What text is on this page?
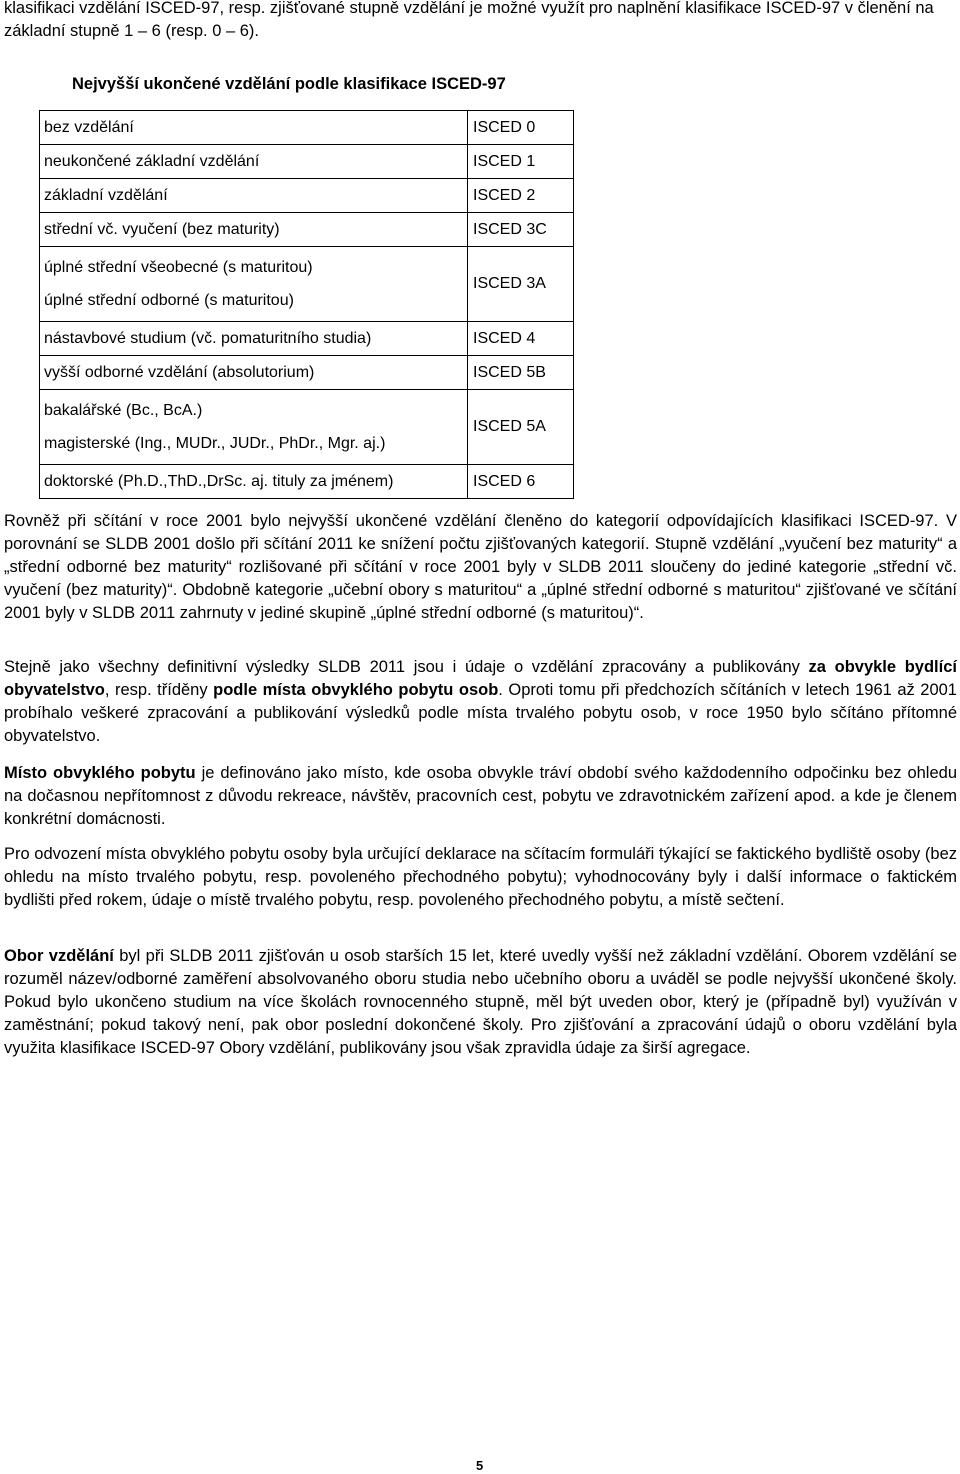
klasifikaci vzdělání ISCED-97, resp. zjišťované stupně vzdělání je možné využít pro naplnění klasifikace ISCED-97 v členění na základní stupně 1 – 6 (resp. 0 – 6).

Nejvyšší ukončené vzdělání podle klasifikace ISCED-97

bez vzdělání	ISCED 0
neukončené základní vzdělání	ISCED 1
základní vzdělání	ISCED 2
střední vč. vyučení (bez maturity)	ISCED 3C

úplné střední všeobecné (s maturitou)
úplné střední odborné (s maturitou)	ISCED 3A
nástavbové studium (vč. pomaturitního studia)	ISCED 4
vyšší odborné vzdělání (absolutorium)	ISCED 5B

bakalářské (Bc., BcA.)
magisterské (Ing., MUDr., JUDr., PhDr., Mgr. aj.)	ISCED 5A
doktorské (Ph.D.,ThD.,DrSc. aj. tituly za jménem)	ISCED 6

Rovněž při sčítání v roce 2001 bylo nejvyšší ukončené vzdělání členěno do kategorií odpovídajících klasifikaci ISCED-97. V porovnání se SLDB 2001 došlo při sčítání 2011 ke snížení počtu zjišťovaných kategorií. Stupně vzdělání „vyučení bez maturity“ a „střední odborné bez maturity“ rozlišované při sčítání v roce 2001 byly v SLDB 2011 sloučeny do jediné kategorie „střední vč. vyučení (bez maturity)“. Obdobně kategorie „učební obory s maturitou“ a „úplné střední odborné s maturitou“ zjišťované ve sčítání 2001 byly v SLDB 2011 zahrnuty v jediné skupině „úplné střední odborné (s maturitou)“.

Stejně jako všechny definitivní výsledky SLDB 2011 jsou i údaje o vzdělání zpracovány a publikovány za obvykle bydlící obyvatelstvo, resp. tříděny podle místa obvyklého pobytu osob. Oproti tomu při předchozích sčítáních v letech 1961 až 2001 probíhalo veškeré zpracování a publikování výsledků podle místa trvalého pobytu osob, v roce 1950 bylo sčítáno přítomné obyvatelstvo.

Místo obvyklého pobytu je definováno jako místo, kde osoba obvykle tráví období svého každodenního odpočinku bez ohledu na dočasnou nepřítomnost z důvodu rekreace, návštěv, pracovních cest, pobytu ve zdravotnickém zařízení apod. a kde je členem konkrétní domácnosti.

Pro odvození místa obvyklého pobytu osoby byla určující deklarace na sčítacím formuláři týkající se faktického bydliště osoby (bez ohledu na místo trvalého pobytu, resp. povoleného přechodného pobytu); vyhodnocovány byly i další informace o faktickém bydlišti před rokem, údaje o místě trvalého pobytu, resp. povoleného přechodného pobytu, a místě sečtení.

Obor vzdělání byl při SLDB 2011 zjišťován u osob starších 15 let, které uvedly vyšší než základní vzdělání. Oborem vzdělání se rozuměl název/odborné zaměření absolvovaného oboru studia nebo učebního oboru a uváděl se podle nejvyšší ukončené školy. Pokud bylo ukončeno studium na více školách rovnocenného stupně, měl být uveden obor, který je (případně byl) využíván v zaměstnání; pokud takový není, pak obor poslední dokončené školy. Pro zjišťování a zpracování údajů o oboru vzdělání byla využita klasifikace ISCED-97 Obory vzdělání, publikovány jsou však zpravidla údaje za širší agregace.

5
